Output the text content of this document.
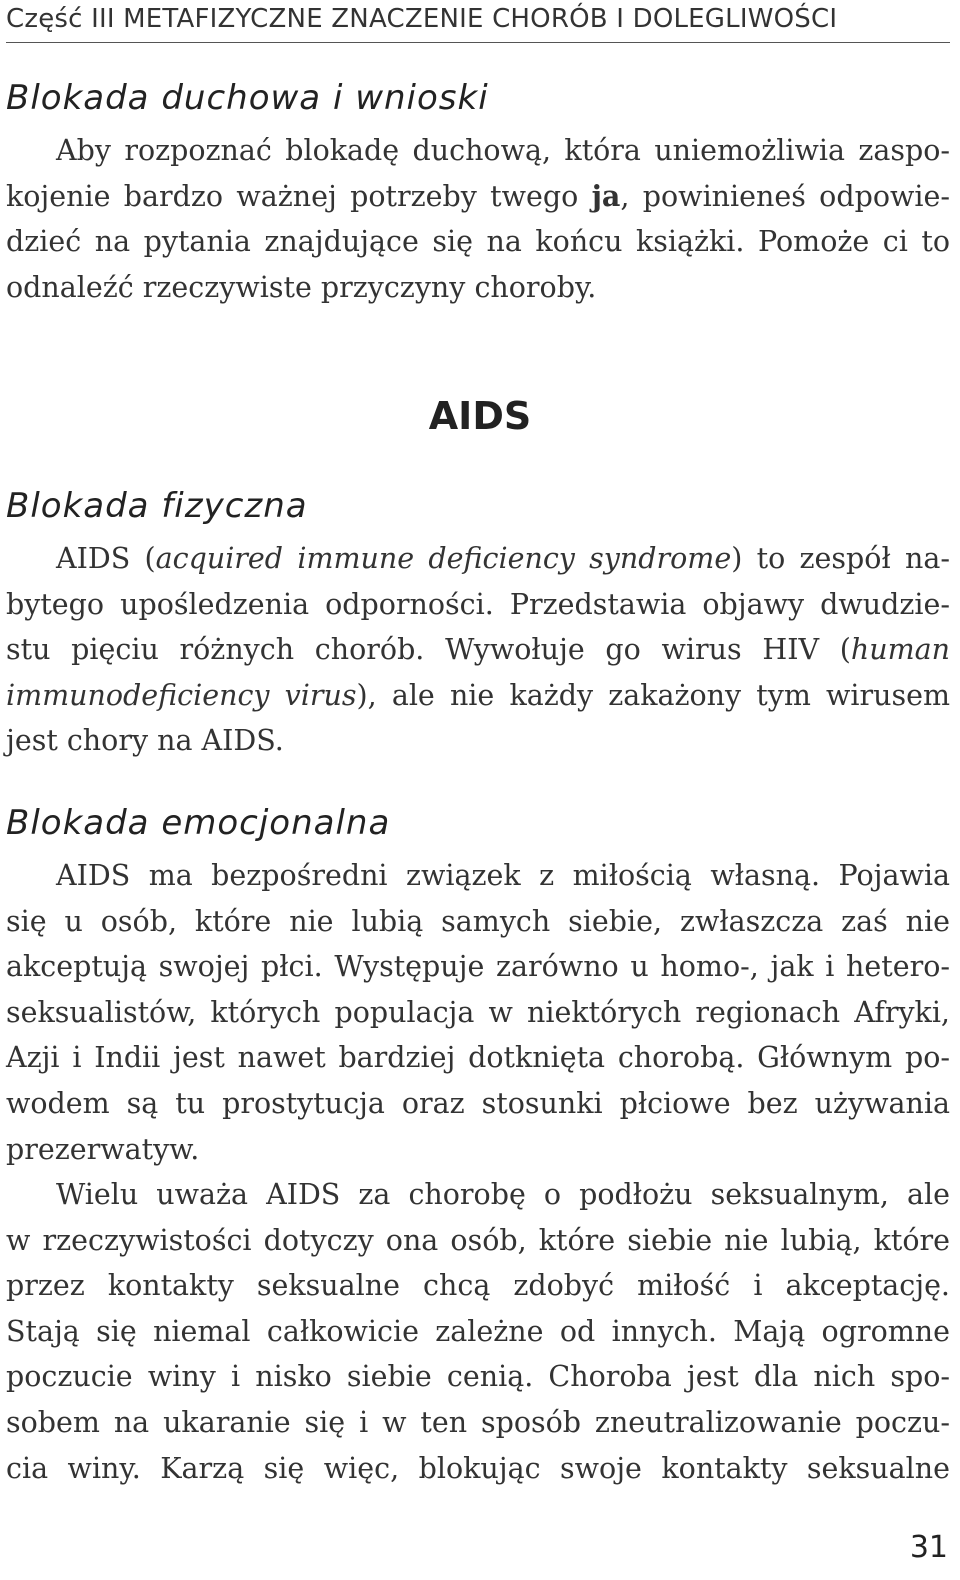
Część III METAFIZYCZNE ZNACZENIE CHORÓB I DOLEGLIWOŚCI
Blokada duchowa i wnioski
Aby rozpoznać blokadę duchową, która uniemożliwia zaspo-
kojenie bardzo ważnej potrzeby twego ja, powinieneś odpowie-
dzieć na pytania znajdujące się na końcu książki. Pomoże ci to
odnaleźć rzeczywiste przyczyny choroby.
AIDS
Blokada fizyczna
AIDS (acquired immune deficiency syndrome) to zespół na-
bytego upośledzenia odporności. Przedstawia objawy dwudzie-
stu pięciu różnych chorób. Wywołuje go wirus HIV (human
immunodeficiency virus), ale nie każdy zakażony tym wirusem
jest chory na AIDS.
Blokada emocjonalna
AIDS ma bezpośredni związek z miłością własną. Pojawia
się u osób, które nie lubią samych siebie, zwłaszcza zaś nie
akceptują swojej płci. Występuje zarówno u homo-, jak i hetero-
seksualistów, których populacja w niektórych regionach Afryki,
Azji i Indii jest nawet bardziej dotknięta chorobą. Głównym po-
wodem są tu prostytucja oraz stosunki płciowe bez używania
prezerwatyw.
Wielu uważa AIDS za chorobę o podłożu seksualnym, ale
w rzeczywistości dotyczy ona osób, które siebie nie lubią, które
przez kontakty seksualne chcą zdobyć miłość i akceptację.
Stają się niemal całkowicie zależne od innych. Mają ogromne
poczucie winy i nisko siebie cenią. Choroba jest dla nich spo-
sobem na ukaranie się i w ten sposób zneutralizowanie poczu-
cia winy. Karzą się więc, blokując swoje kontakty seksualne
31
